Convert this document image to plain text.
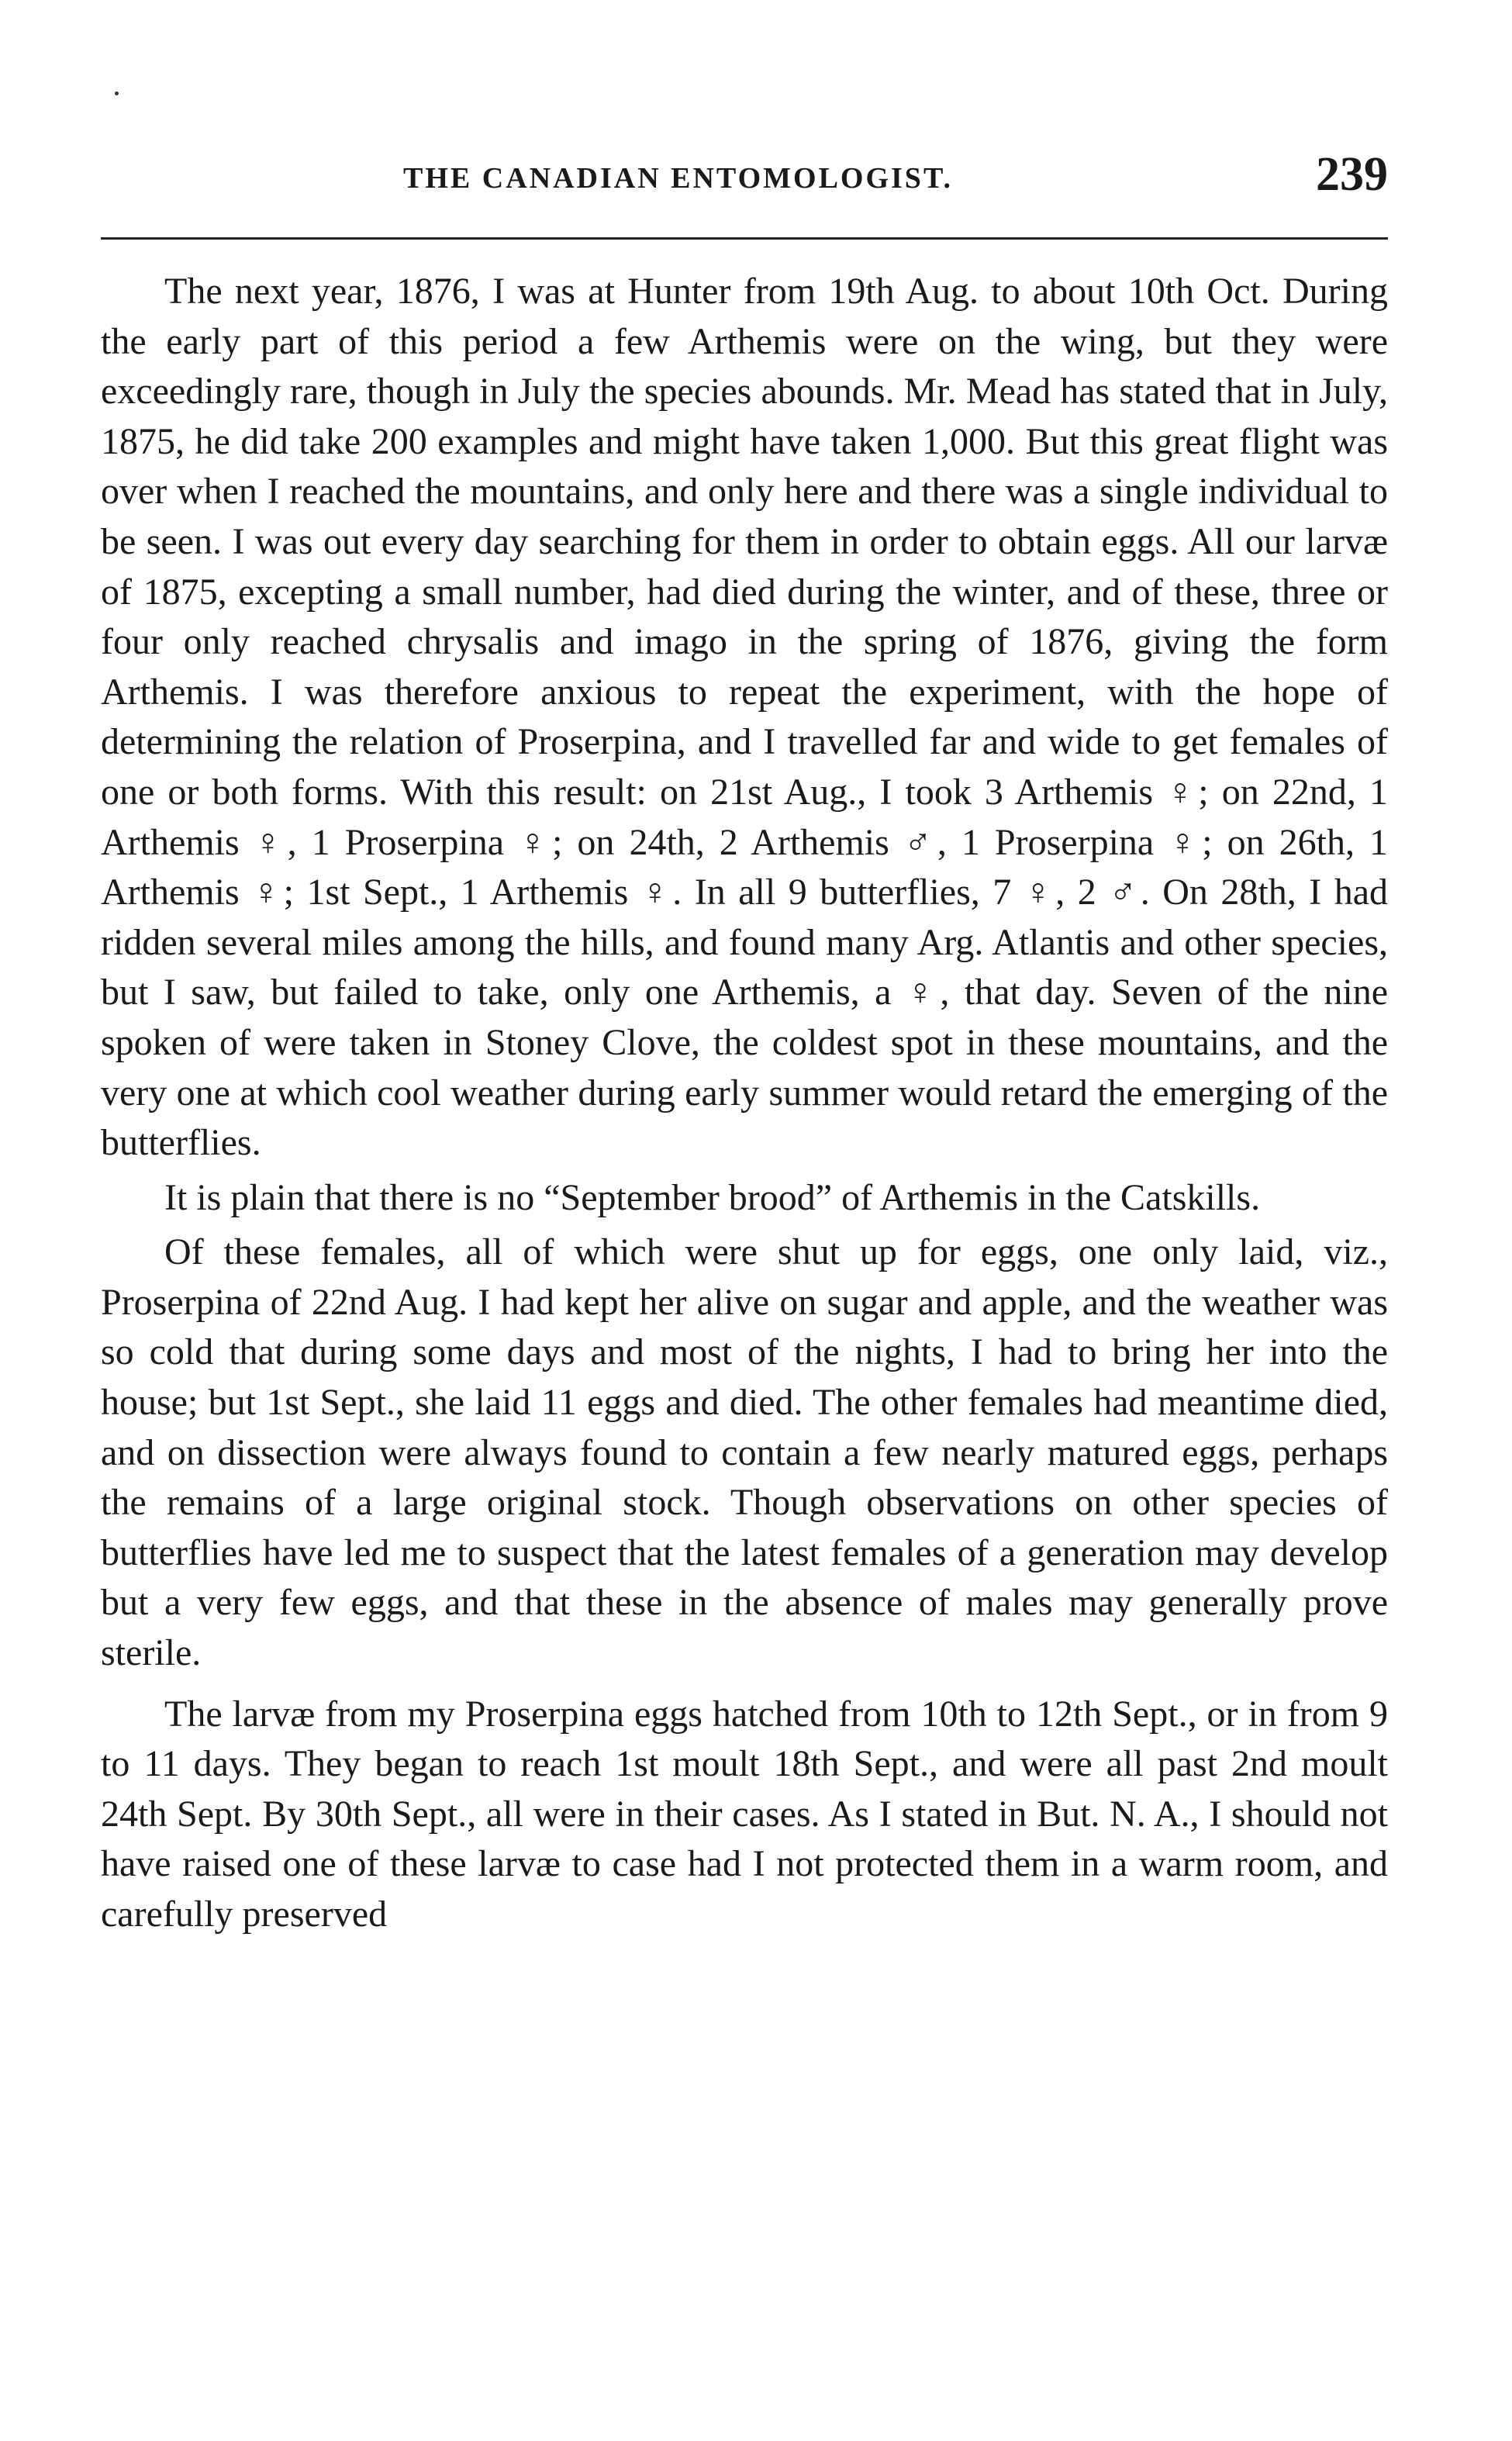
THE CANADIAN ENTOMOLOGIST.	239

The next year, 1876, I was at Hunter from 19th Aug. to about 10th Oct. During the early part of this period a few Arthemis were on the wing, but they were exceedingly rare, though in July the species abounds. Mr. Mead has stated that in July, 1875, he did take 200 examples and might have taken 1,000. But this great flight was over when I reached the mountains, and only here and there was a single individual to be seen. I was out every day searching for them in order to obtain eggs. All our larvæ of 1875, excepting a small number, had died during the winter, and of these, three or four only reached chrysalis and imago in the spring of 1876, giving the form Arthemis. I was therefore anxious to repeat the experiment, with the hope of determining the relation of Proserpina, and I travelled far and wide to get females of one or both forms. With this result: on 21st Aug., I took 3 Arthemis ♀; on 22nd, 1 Arthemis ♀, 1 Proserpina ♀; on 24th, 2 Arthemis ♂, 1 Proserpina ♀; on 26th, 1 Arthemis ♀; 1st Sept., 1 Arthemis ♀. In all 9 butterflies, 7 ♀, 2 ♂. On 28th, I had ridden several miles among the hills, and found many Arg. Atlantis and other species, but I saw, but failed to take, only one Arthemis, a ♀, that day. Seven of the nine spoken of were taken in Stoney Clove, the coldest spot in these mountains, and the very one at which cool weather during early summer would retard the emerging of the butterflies.

It is plain that there is no “September brood” of Arthemis in the Catskills.

Of these females, all of which were shut up for eggs, one only laid, viz., Proserpina of 22nd Aug. I had kept her alive on sugar and apple, and the weather was so cold that during some days and most of the nights, I had to bring her into the house; but 1st Sept., she laid 11 eggs and died. The other females had meantime died, and on dissection were always found to contain a few nearly matured eggs, perhaps the remains of a large original stock. Though observations on other species of butterflies have led me to suspect that the latest females of a generation may develop but a very few eggs, and that these in the absence of males may generally prove sterile.

The larvæ from my Proserpina eggs hatched from 10th to 12th Sept., or in from 9 to 11 days. They began to reach 1st moult 18th Sept., and were all past 2nd moult 24th Sept. By 30th Sept., all were in their cases. As I stated in But. N. A., I should not have raised one of these larvæ to case had I not protected them in a warm room, and carefully preserved
